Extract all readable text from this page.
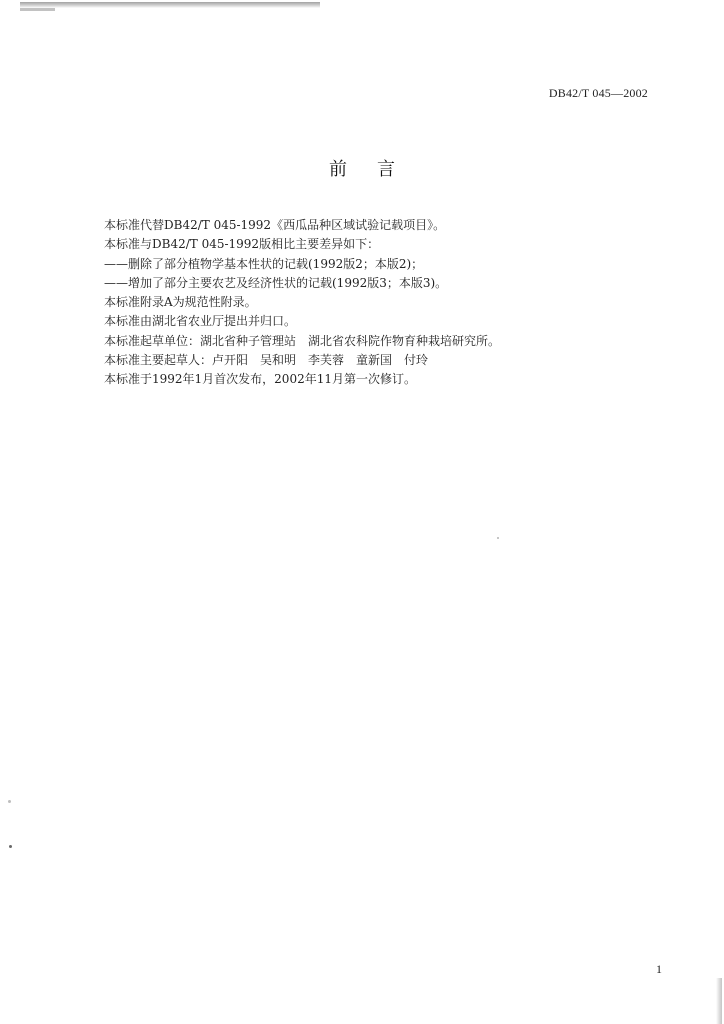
DB42/T 045—2002
前言
本标准代替DB42/T 045-1992《西瓜品种区域试验记载项目》。
本标准与DB42/T 045-1992版相比主要差异如下：
——删除了部分植物学基本性状的记载(1992版2；本版2)；
——增加了部分主要农艺及经济性状的记载(1992版3；本版3)。
本标准附录A为规范性附录。
本标准由湖北省农业厅提出并归口。
本标准起草单位：湖北省种子管理站　湖北省农科院作物育种栽培研究所。
本标准主要起草人：卢开阳　吴和明　李芙蓉　童新国　付玲
本标准于1992年1月首次发布，2002年11月第一次修订。
1
